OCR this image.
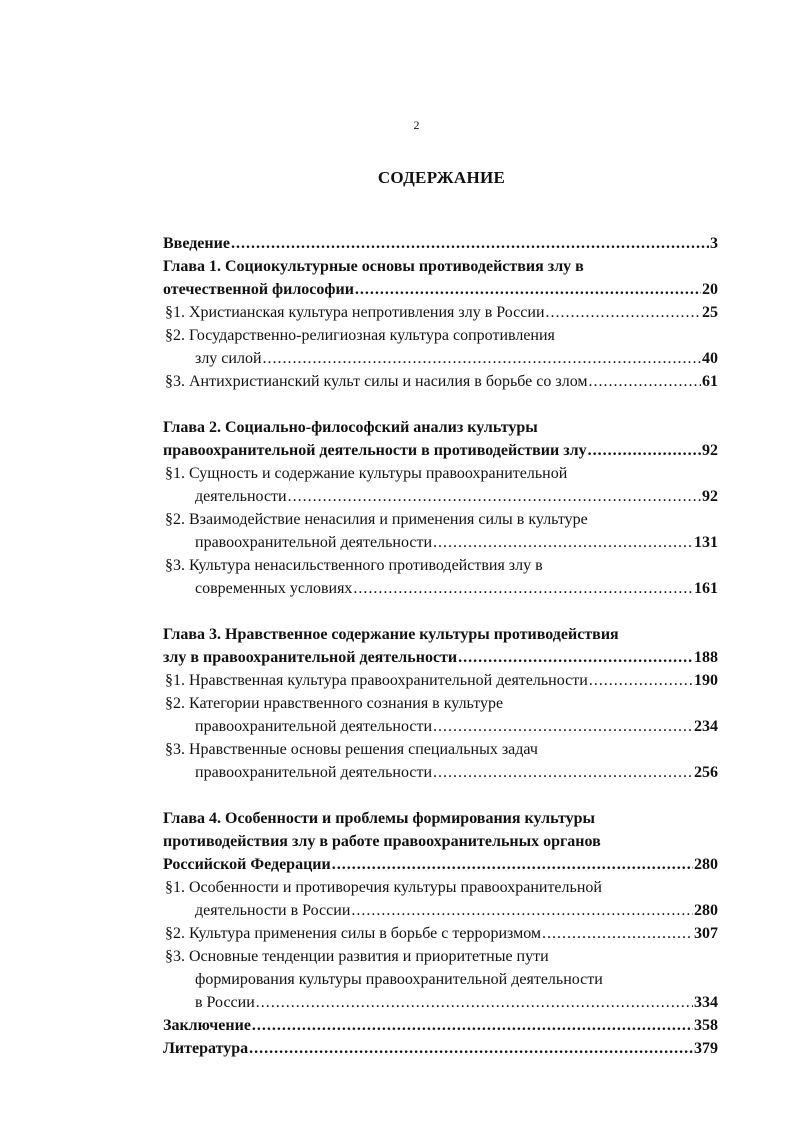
2
СОДЕРЖАНИЕ
Введение .....	3
Глава 1. Социокультурные основы противодействия злу в
отечественной философии .....	20
§1. Христианская культура непротивления злу в России .....	25
§2. Государственно-религиозная культура сопротивления
злу силой .....	40
§3. Антихристианский культ силы и насилия в борьбе со злом .....	61
Глава 2. Социально-философский анализ культуры
правоохранительной деятельности в противодействии злу .....	92
§1. Сущность и содержание культуры правоохранительной
деятельности .....	92
§2. Взаимодействие ненасилия и применения силы в культуре
правоохранительной деятельности .....	131
§3. Культура ненасильственного противодействия злу в
современных условиях .....	161
Глава 3. Нравственное содержание культуры противодействия
злу в правоохранительной деятельности .....	188
§1. Нравственная культура правоохранительной деятельности .....	190
§2. Категории нравственного сознания в культуре
правоохранительной деятельности .....	234
§3. Нравственные основы решения специальных задач
правоохранительной деятельности .....	256
Глава 4. Особенности и проблемы формирования культуры
противодействия злу в работе правоохранительных органов
Российской Федерации .....	280
§1. Особенности и противоречия культуры правоохранительной
деятельности в России .....	280
§2. Культура применения силы в борьбе с терроризмом .....	307
§3. Основные тенденции развития и приоритетные пути
формирования культуры правоохранительной деятельности
в России .....	334
Заключение .....	358
Литература .....	379
